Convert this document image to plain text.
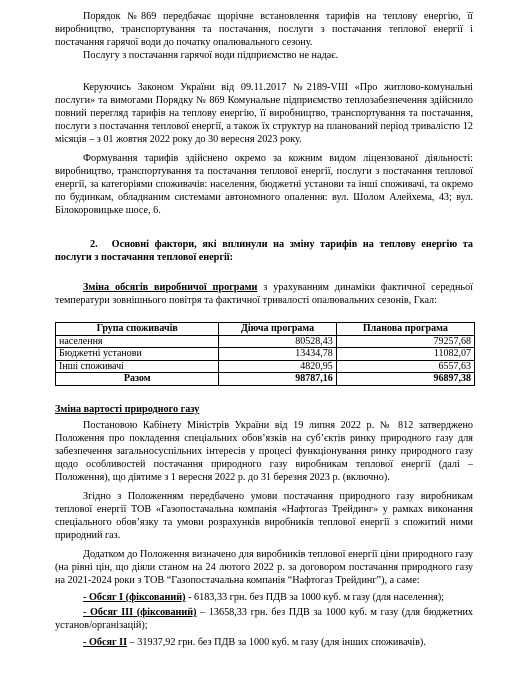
Порядок №869 передбачає щорічне встановлення тарифів на теплову енергію, її виробництво, транспортування та постачання, послуги з постачання теплової енергії і постачання гарячої води до початку опалювального сезону.

Послугу з постачання гарячої води підприємство не надає.

Керуючись Законом України від 09.11.2017 №2189-VIII «Про житлово-комунальні послуги» та вимогами Порядку № 869 Комунальне підприємство теплозабезпечення здійснило повний перегляд тарифів на теплову енергію, її виробництво, транспортування та постачання, послуги з постачання теплової енергії, а також їх структур на планований період тривалістю 12 місяців – з 01 жовтня 2022 року до 30 вересня 2023 року.

Формування тарифів здійснено окремо за кожним видом ліцензованої діяльності: виробництво, транспортування та постачання теплової енергії, послуги з постачання теплової енергії, за категоріями споживачів: населення, бюджетні установи та інші споживачі, та окремо по будинкам, обладнаним системами автономного опалення: вул. Шолом Алейхема, 43; вул. Білокоровицьке шосе, 6.

2. Основні фактори, які вплинули на зміну тарифів на теплову енергію та послуги з постачання теплової енергії:

Зміна обсягів виробничої програми з урахуванням динаміки фактичної середньої температури зовнішнього повітря та фактичної тривалості опалювальних сезонів, Гкал:

Група споживачів	Діюча програма	Планова програма
населення	80528,43	79257,68
Бюджетні установи	13434,78	11082,07
Інші споживачі	4820,95	6557,63
Разом	98787,16	96897,38

Зміна вартості природного газу

Постановою Кабінету Міністрів України від 19 липня 2022 р. № 812 затверджено Положення про покладення спеціальних обов’язків на суб’єктів ринку природного газу для забезпечення загальносуспільних інтересів у процесі функціонування ринку природного газу щодо особливостей постачання природного газу виробникам теплової енергії (далі – Положення), що діятиме з 1 вересня 2022 р. до 31 березня 2023 р. (включно).

Згідно з Положенням передбачено умови постачання природного газу виробникам теплової енергії ТОВ «Газопостачальна компанія «Нафтогаз Трейдинг» у рамках виконання спеціального обов’язку та умови розрахунків виробників теплової енергії з спожитий ними природний газ.

Додатком до Положення визначено для виробників теплової енергії ціни природного газу (на рівні цін, що діяли станом на 24 лютого 2022 р. за договором постачання природного газу на 2021-2024 роки з ТОВ “Газопостачальна компанія “Нафтогаз Трейдинг”), а саме:

- Обсяг I (фіксований) - 6183,33 грн. без ПДВ за 1000 куб. м газу (для населення);

- Обсяг III (фіксований) – 13658,33 грн. без ПДВ за 1000 куб. м газу (для бюджетних установ/організацій);

- Обсяг II – 31937,92 грн. без ПДВ за 1000 куб. м газу (для інших споживачів).
